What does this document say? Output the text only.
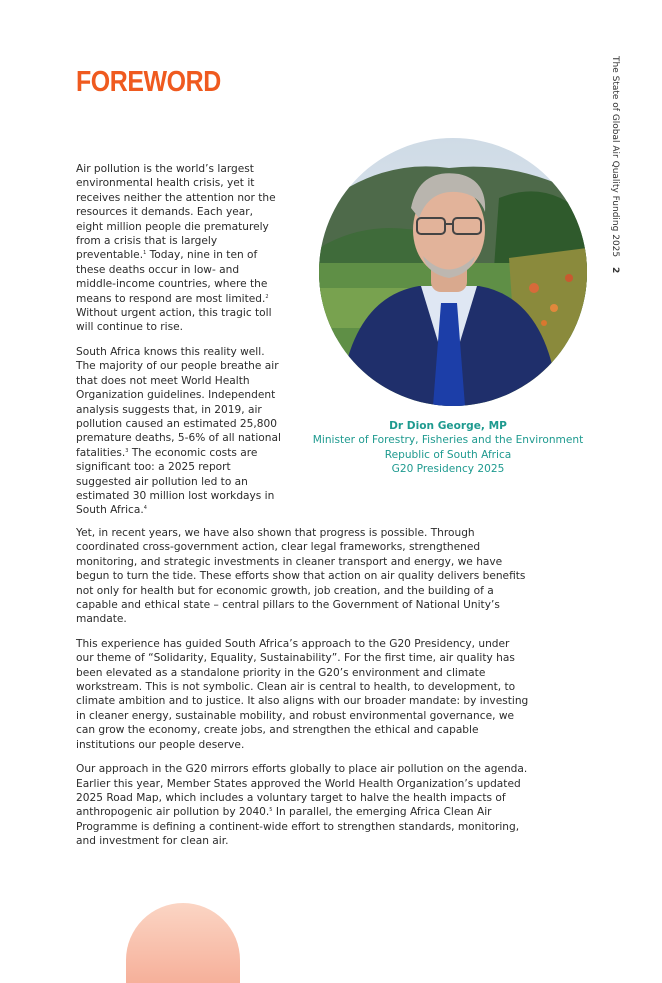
The State of Global Air Quality Funding 2025
2
FOREWORD

Air pollution is the world’s largest environmental health crisis, yet it receives neither the attention nor the resources it demands. Each year, eight million people die prematurely from a crisis that is largely preventable.$^1$ Today, nine in ten of these deaths occur in low- and middle-income countries, where the means to respond are most limited.$^2$ Without urgent action, this tragic toll will continue to rise.

South Africa knows this reality well. The majority of our people breathe air that does not meet World Health Organization guidelines. Independent analysis suggests that, in 2019, air pollution caused an estimated 25,800 premature deaths, 5-6% of all national fatalities.$^3$ The economic costs are significant too: a 2025 report suggested air pollution led to an estimated 30 million lost workdays in South Africa.$^4$

Dr Dion George, MP
Minister of Forestry, Fisheries and the Environment
Republic of South Africa
G20 Presidency 2025

Yet, in recent years, we have also shown that progress is possible. Through coordinated cross-government action, clear legal frameworks, strengthened monitoring, and strategic investments in cleaner transport and energy, we have begun to turn the tide. These efforts show that action on air quality delivers benefits not only for health but for economic growth, job creation, and the building of a capable and ethical state – central pillars to the Government of National Unity’s mandate.

This experience has guided South Africa’s approach to the G20 Presidency, under our theme of “Solidarity, Equality, Sustainability”. For the first time, air quality has been elevated as a standalone priority in the G20’s environment and climate workstream. This is not symbolic. Clean air is central to health, to development, to climate ambition and to justice. It also aligns with our broader mandate: by investing in cleaner energy, sustainable mobility, and robust environmental governance, we can grow the economy, create jobs, and strengthen the ethical and capable institutions our people deserve.

Our approach in the G20 mirrors efforts globally to place air pollution on the agenda. Earlier this year, Member States approved the World Health Organization’s updated 2025 Road Map, which includes a voluntary target to halve the health impacts of anthropogenic air pollution by 2040.$^5$ In parallel, the emerging Africa Clean Air Programme is defining a continent-wide effort to strengthen standards, monitoring, and investment for clean air.
